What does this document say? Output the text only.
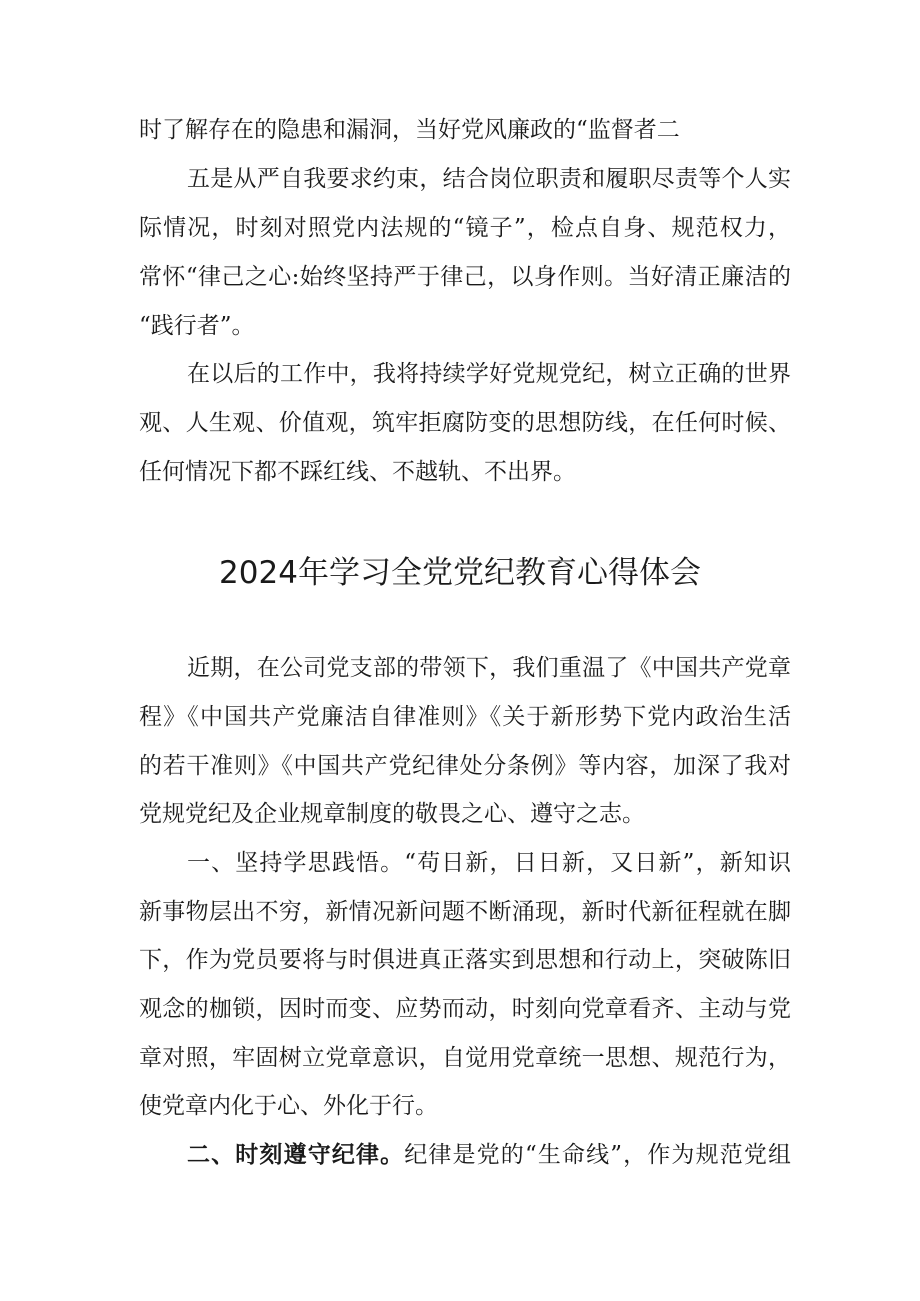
时了解存在的隐患和漏洞，当好党风廉政的“监督者二
五是从严自我要求约束，结合岗位职责和履职尽责等个人实
际情况，时刻对照党内法规的“镜子”，检点自身、规范权力，
常怀“律己之心:始终坚持严于律己，以身作则。当好清正廉洁的
“践行者”。
在以后的工作中，我将持续学好党规党纪，树立正确的世界
观、人生观、价值观，筑牢拒腐防变的思想防线，在任何时候、
任何情况下都不踩红线、不越轨、不出界。
2024年学习全党党纪教育心得体会
近期，在公司党支部的带领下，我们重温了《中国共产党章
程》《中国共产党廉洁自律准则》《关于新形势下党内政治生活
的若干准则》《中国共产党纪律处分条例》等内容，加深了我对
党规党纪及企业规章制度的敬畏之心、遵守之志。
一、坚持学思践悟。“苟日新，日日新，又日新”，新知识
新事物层出不穷，新情况新问题不断涌现，新时代新征程就在脚
下，作为党员要将与时俱进真正落实到思想和行动上，突破陈旧
观念的枷锁，因时而变、应势而动，时刻向党章看齐、主动与党
章对照，牢固树立党章意识，自觉用党章统一思想、规范行为，
使党章内化于心、外化于行。
二、时刻遵守纪律。纪律是党的“生命线”，作为规范党组
